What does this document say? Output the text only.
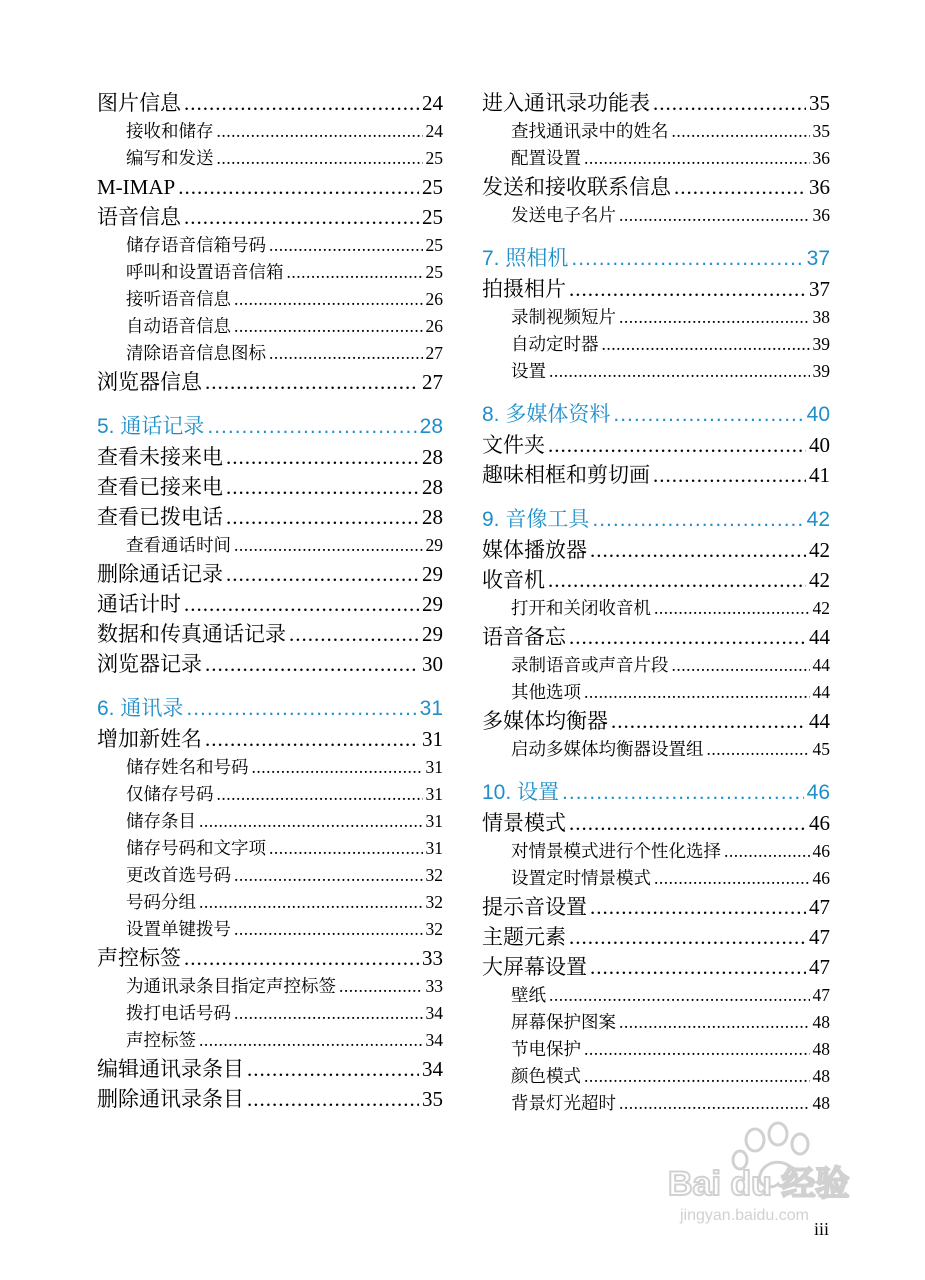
图片信息 .....	24
接收和储存 .....	24
编写和发送 .....	25
M-IMAP .....	25
语音信息 .....	25
储存语音信箱号码 .....	25
呼叫和设置语音信箱 .....	25
接听语音信息 .....	26
自动语音信息 .....	26
清除语音信息图标 .....	27
浏览器信息 .....	27
5. 通话记录 .....	28
查看未接来电 .....	28
查看已接来电 .....	28
查看已拨电话 .....	28
查看通话时间 .....	29
删除通话记录 .....	29
通话计时 .....	29
数据和传真通话记录 .....	29
浏览器记录 .....	30
6. 通讯录 .....	31
增加新姓名 .....	31
储存姓名和号码 .....	31
仅储存号码 .....	31
储存条目 .....	31
储存号码和文字项 .....	31
更改首选号码 .....	32
号码分组 .....	32
设置单键拨号 .....	32
声控标签 .....	33
为通讯录条目指定声控标签 .....	33
拨打电话号码 .....	34
声控标签 .....	34
编辑通讯录条目 .....	34
删除通讯录条目 .....	35
进入通讯录功能表 .....	35
查找通讯录中的姓名 .....	35
配置设置 .....	36
发送和接收联系信息 .....	36
发送电子名片 .....	36
7. 照相机 .....	37
拍摄相片 .....	37
录制视频短片 .....	38
自动定时器 .....	39
设置 .....	39
8. 多媒体资料 .....	40
文件夹 .....	40
趣味相框和剪切画 .....	41
9. 音像工具 .....	42
媒体播放器 .....	42
收音机 .....	42
打开和关闭收音机 .....	42
语音备忘 .....	44
录制语音或声音片段 .....	44
其他选项 .....	44
多媒体均衡器 .....	44
启动多媒体均衡器设置组 .....	45
10. 设置 .....	46
情景模式 .....	46
对情景模式进行个性化选择 .....	46
设置定时情景模式 .....	46
提示音设置 .....	47
主题元素 .....	47
大屏幕设置 .....	47
壁纸 .....	47
屏幕保护图案 .....	48
节电保护 .....	48
颜色模式 .....	48
背景灯光超时 .....	48
Bai du 经验
jingyan.baidu.com
iii
